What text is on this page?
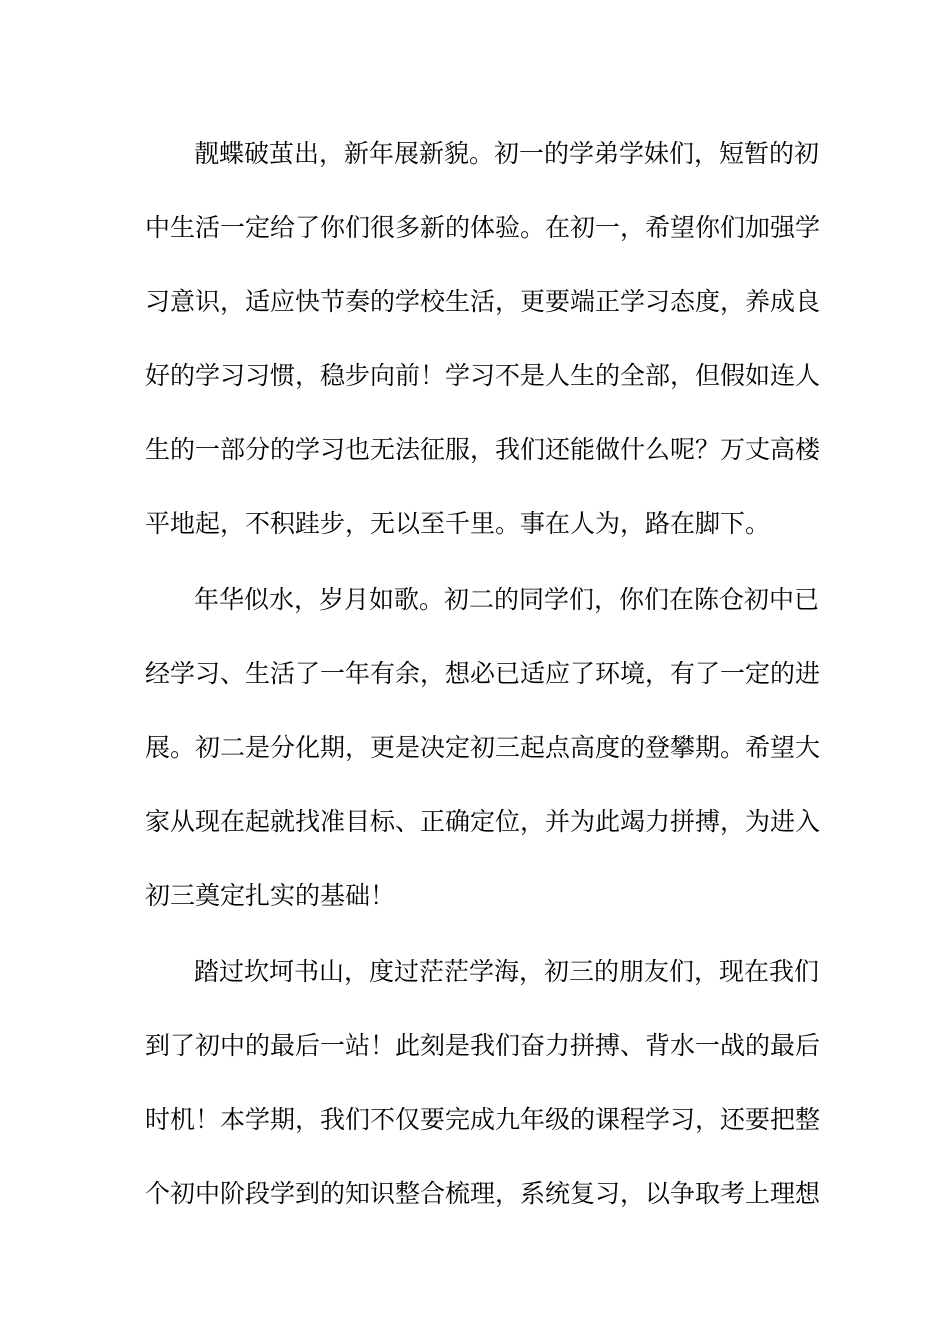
靓蝶破茧出，新年展新貌。初一的学弟学妹们，短暂的初
中生活一定给了你们很多新的体验。在初一，希望你们加强学
习意识，适应快节奏的学校生活，更要端正学习态度，养成良
好的学习习惯，稳步向前！学习不是人生的全部，但假如连人
生的一部分的学习也无法征服，我们还能做什么呢？万丈高楼
平地起，不积跬步，无以至千里。事在人为，路在脚下。
年华似水，岁月如歌。初二的同学们，你们在陈仓初中已
经学习、生活了一年有余，想必已适应了环境，有了一定的进
展。初二是分化期，更是决定初三起点高度的登攀期。希望大
家从现在起就找准目标、正确定位，并为此竭力拼搏，为进入
初三奠定扎实的基础！
踏过坎坷书山，度过茫茫学海，初三的朋友们，现在我们
到了初中的最后一站！此刻是我们奋力拼搏、背水一战的最后
时机！本学期，我们不仅要完成九年级的课程学习，还要把整
个初中阶段学到的知识整合梳理，系统复习，以争取考上理想
